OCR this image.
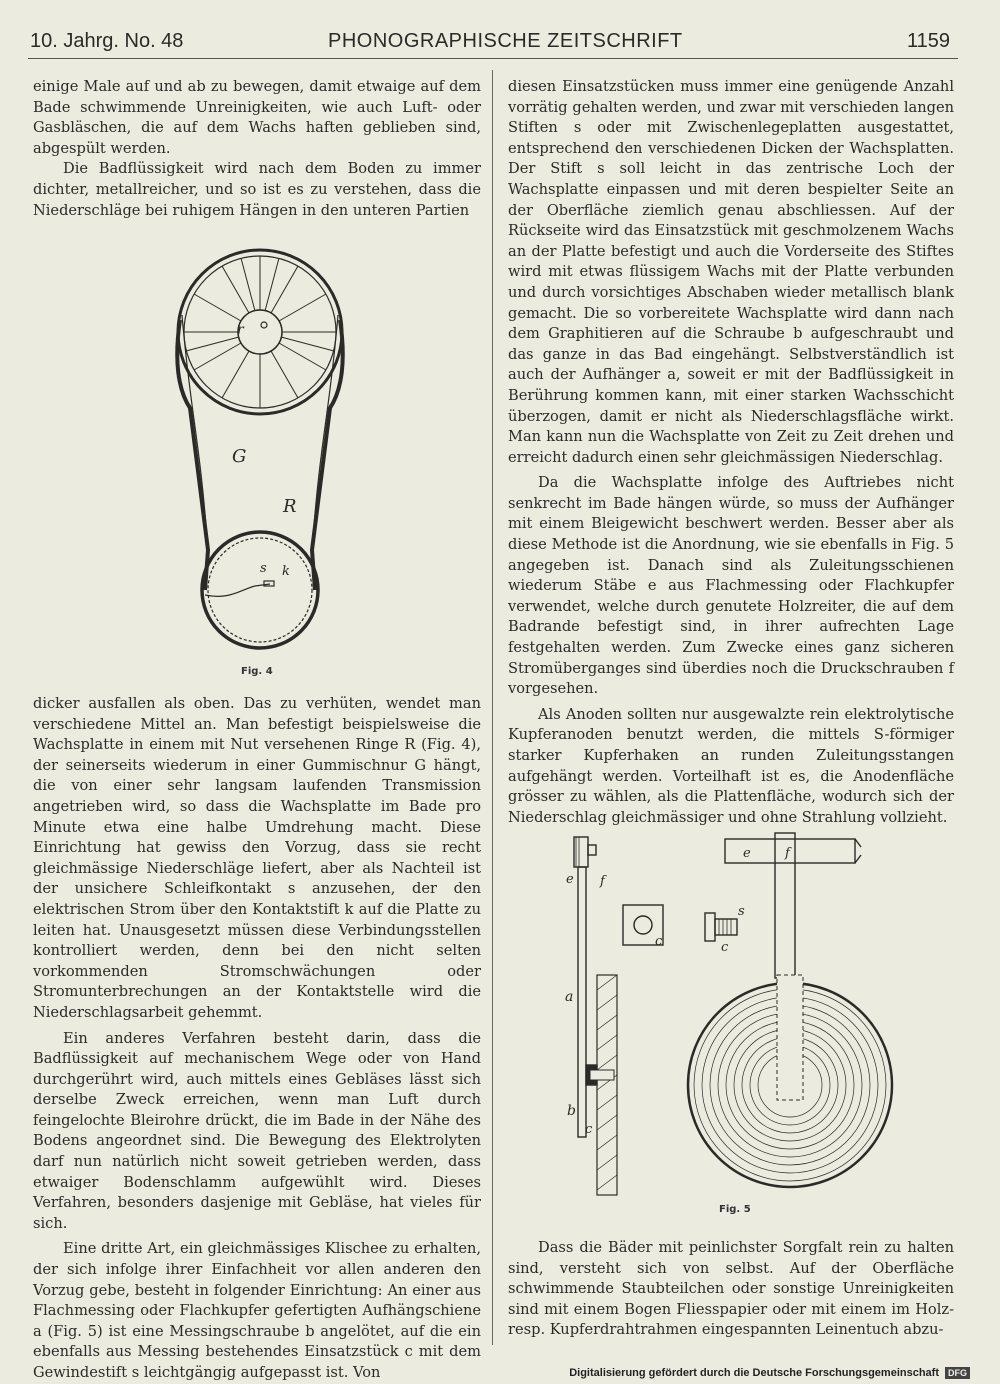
10. Jahrg. No. 48	PHONOGRAPHISCHE ZEITSCHRIFT	1159

einige Male auf und ab zu bewegen, damit etwaige auf dem Bade schwimmende Unreinigkeiten, wie auch Luft- oder Gasbläschen, die auf dem Wachs haften geblieben sind, abgespült werden.

Die Badflüssigkeit wird nach dem Boden zu immer dichter, metallreicher, und so ist es zu verstehen, dass die Niederschläge bei ruhigem Hängen in den unteren Partien

r
G
R
s k
Fig. 4

dicker ausfallen als oben. Das zu verhüten, wendet man verschiedene Mittel an. Man befestigt beispielsweise die Wachsplatte in einem mit Nut versehenen Ringe R (Fig. 4), der seinerseits wiederum in einer Gummischnur G hängt, die von einer sehr langsam laufenden Transmission angetrieben wird, so dass die Wachsplatte im Bade pro Minute etwa eine halbe Umdrehung macht. Diese Einrichtung hat gewiss den Vorzug, dass sie recht gleichmässige Niederschläge liefert, aber als Nachteil ist der unsichere Schleifkontakt s anzusehen, der den elektrischen Strom über den Kontaktstift k auf die Platte zu leiten hat. Unausgesetzt müssen diese Verbindungsstellen kontrolliert werden, denn bei den nicht selten vorkommenden Stromschwächungen oder Stromunterbrechungen an der Kontaktstelle wird die Niederschlagsarbeit gehemmt.

Ein anderes Verfahren besteht darin, dass die Badflüssigkeit auf mechanischem Wege oder von Hand durchgerührt wird, auch mittels eines Gebläses lässt sich derselbe Zweck erreichen, wenn man Luft durch feingelochte Bleirohre drückt, die im Bade in der Nähe des Bodens angeordnet sind. Die Bewegung des Elektrolyten darf nun natürlich nicht soweit getrieben werden, dass etwaiger Bodenschlamm aufgewühlt wird. Dieses Verfahren, besonders dasjenige mit Gebläse, hat vieles für sich.

Eine dritte Art, ein gleichmässiges Klischee zu erhalten, der sich infolge ihrer Einfachheit vor allen anderen den Vorzug gebe, besteht in folgender Einrichtung: An einer aus Flachmessing oder Flachkupfer gefertigten Aufhängschiene a (Fig. 5) ist eine Messingschraube b angelötet, auf die ein ebenfalls aus Messing bestehendes Einsatzstück c mit dem Gewindestift s leichtgängig aufgepasst ist. Von

diesen Einsatzstücken muss immer eine genügende Anzahl vorrätig gehalten werden, und zwar mit verschieden langen Stiften s oder mit Zwischenlegeplatten ausgestattet, entsprechend den verschiedenen Dicken der Wachsplatten. Der Stift s soll leicht in das zentrische Loch der Wachsplatte einpassen und mit deren bespielter Seite an der Oberfläche ziemlich genau abschliessen. Auf der Rückseite wird das Einsatzstück mit geschmolzenem Wachs an der Platte befestigt und auch die Vorderseite des Stiftes wird mit etwas flüssigem Wachs mit der Platte verbunden und durch vorsichtiges Abschaben wieder metallisch blank gemacht. Die so vorbereitete Wachsplatte wird dann nach dem Graphitieren auf die Schraube b aufgeschraubt und das ganze in das Bad eingehängt. Selbstverständlich ist auch der Aufhänger a, soweit er mit der Badflüssigkeit in Berührung kommen kann, mit einer starken Wachsschicht überzogen, damit er nicht als Niederschlagsfläche wirkt. Man kann nun die Wachsplatte von Zeit zu Zeit drehen und erreicht dadurch einen sehr gleichmässigen Niederschlag.

Da die Wachsplatte infolge des Auftriebes nicht senkrecht im Bade hängen würde, so muss der Aufhänger mit einem Bleigewicht beschwert werden. Besser aber als diese Methode ist die Anordnung, wie sie ebenfalls in Fig. 5 angegeben ist. Danach sind als Zuleitungsschienen wiederum Stäbe e aus Flachmessing oder Flachkupfer verwendet, welche durch genutete Holzreiter, die auf dem Badrande befestigt sind, in ihrer aufrechten Lage festgehalten werden. Zum Zwecke eines ganz sicheren Stromüberganges sind überdies noch die Druckschrauben f vorgesehen.

Als Anoden sollten nur ausgewalzte rein elektrolytische Kupferanoden benutzt werden, die mittels S-förmiger starker Kupferhaken an runden Zuleitungsstangen aufgehängt werden. Vorteilhaft ist es, die Anodenfläche grösser zu wählen, als die Plattenfläche, wodurch sich der Niederschlag gleichmässiger und ohne Strahlung vollzieht.

e f
s
c
c
a
b
c
e	f
Fig. 5

Dass die Bäder mit peinlichster Sorgfalt rein zu halten sind, versteht sich von selbst. Auf der Oberfläche schwimmende Staubteilchen oder sonstige Unreinigkeiten sind mit einem Bogen Fliesspapier oder mit einem im Holz- resp. Kupferdrahtrahmen eingespannten Leinentuch abzu-

Digitalisierung gefördert durch die Deutsche Forschungsgemeinschaft	DFG
